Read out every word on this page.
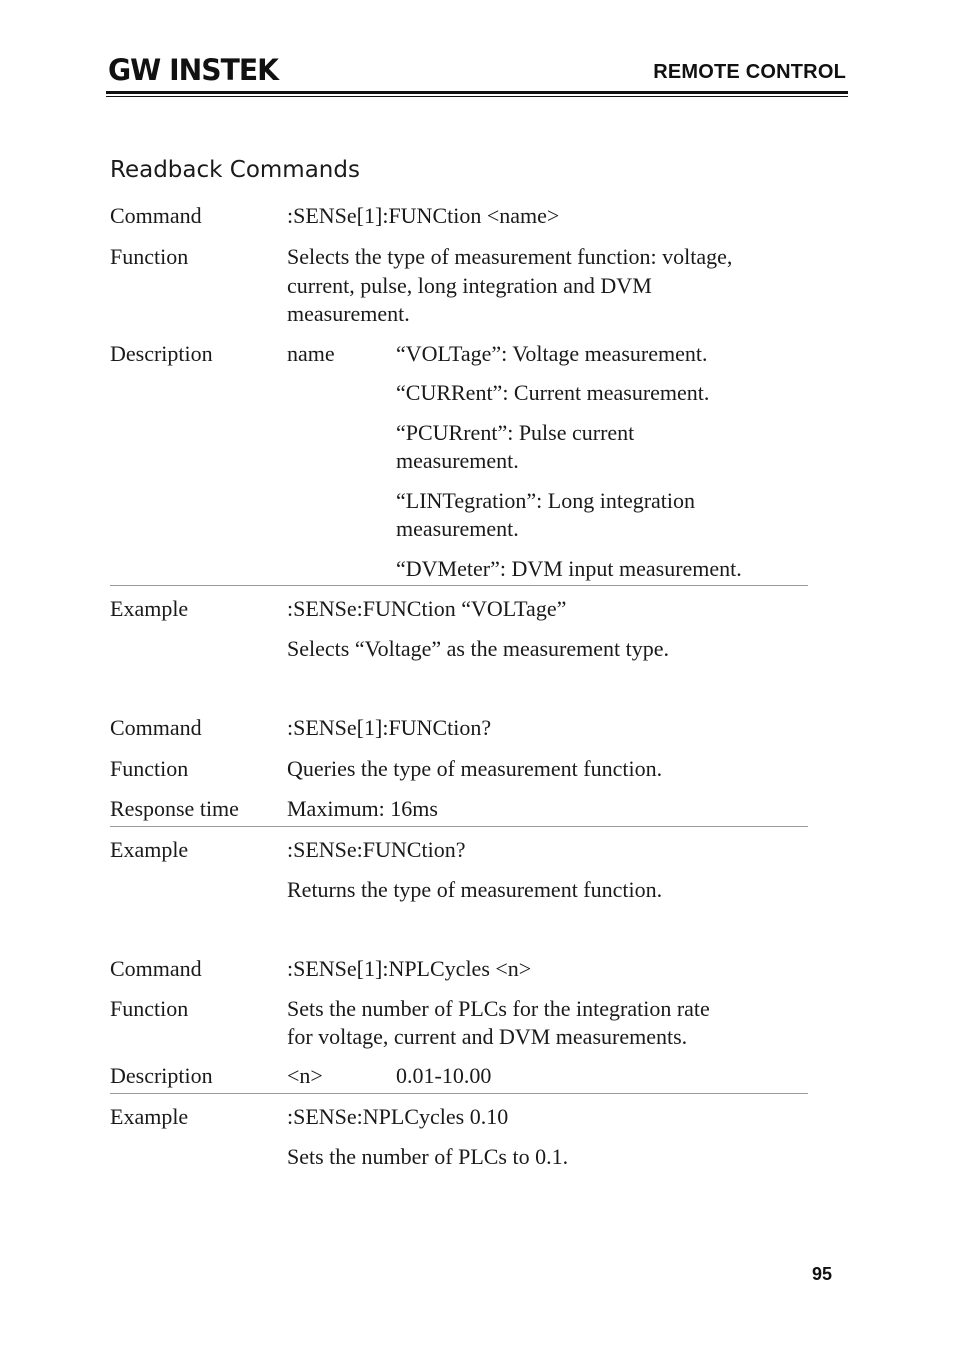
GW INSTEK	REMOTE CONTROL
Readback Commands
Command	:SENSe[1]:FUNCtion <name>
Function	Selects the type of measurement function: voltage,
current, pulse, long integration and DVM
measurement.
Description	name	“VOLTage”: Voltage measurement.
“CURRent”: Current measurement.
“PCURrent”: Pulse current
measurement.
“LINTegration”: Long integration
measurement.
“DVMeter”: DVM input measurement.
Example	:SENSe:FUNCtion “VOLTage”
Selects “Voltage” as the measurement type.
Command	:SENSe[1]:FUNCtion?
Function	Queries the type of measurement function.
Response time Maximum: 16ms
Example	:SENSe:FUNCtion?
Returns the type of measurement function.
Command	:SENSe[1]:NPLCycles <n>
Function	Sets the number of PLCs for the integration rate
for voltage, current and DVM measurements.
Description	<n>	0.01-10.00
Example	:SENSe:NPLCycles 0.10
Sets the number of PLCs to 0.1.
95
